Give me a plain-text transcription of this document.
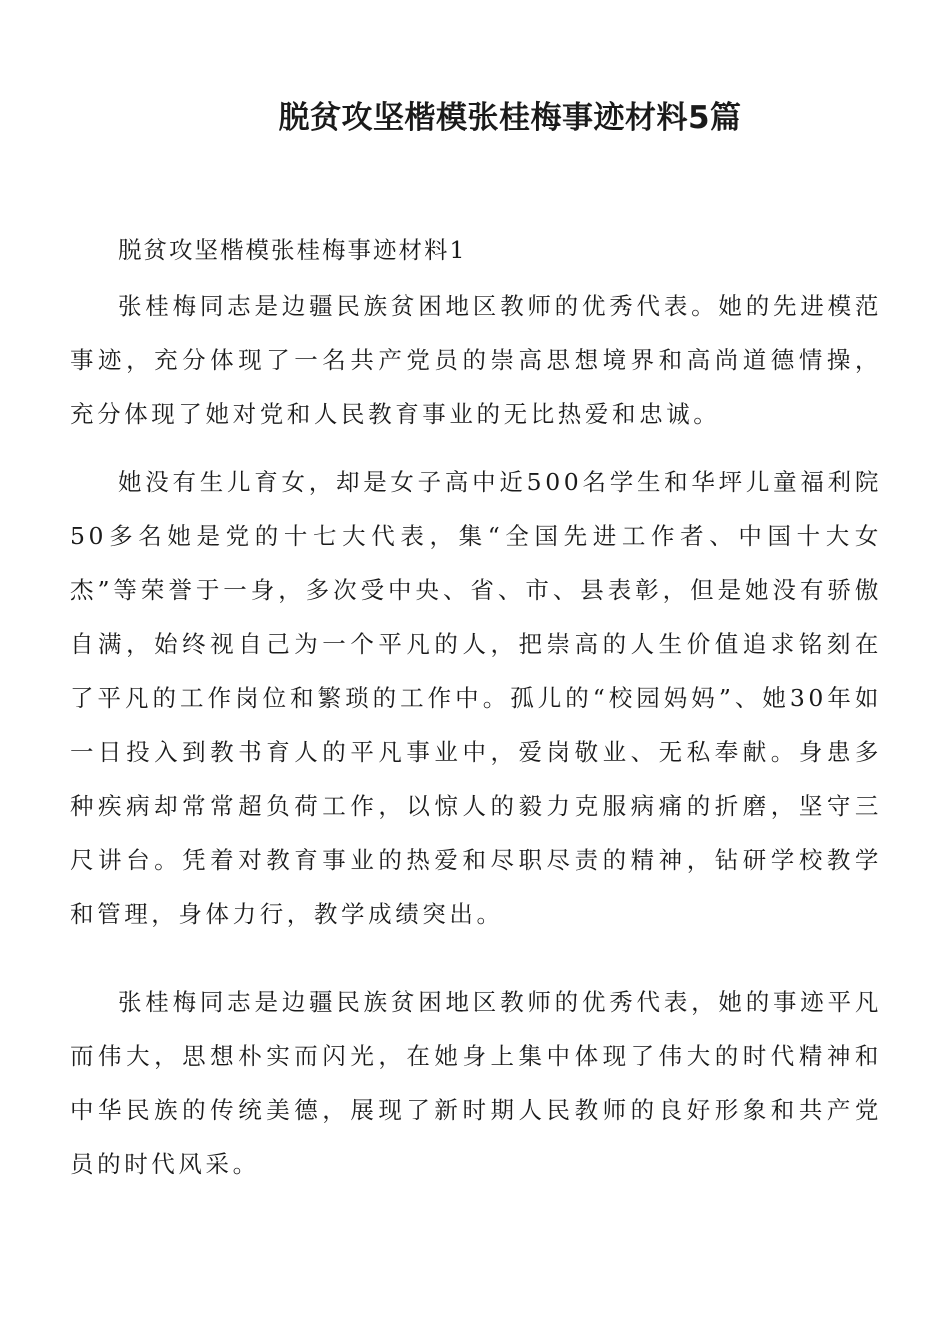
脱贫攻坚楷模张桂梅事迹材料5篇

脱贫攻坚楷模张桂梅事迹材料1

张桂梅同志是边疆民族贫困地区教师的优秀代表。她的先进模范事迹，充分体现了一名共产党员的崇高思想境界和高尚道德情操，充分体现了她对党和人民教育事业的无比热爱和忠诚。

她没有生儿育女，却是女子高中近500名学生和华坪儿童福利院50多名她是党的十七大代表，集“全国先进工作者、中国十大女杰”等荣誉于一身，多次受中央、省、市、县表彰，但是她没有骄傲自满，始终视自己为一个平凡的人，把崇高的人生价值追求铭刻在了平凡的工作岗位和繁琐的工作中。孤儿的“校园妈妈”、她30年如一日投入到教书育人的平凡事业中，爱岗敬业、无私奉献。身患多种疾病却常常超负荷工作，以惊人的毅力克服病痛的折磨，坚守三尺讲台。凭着对教育事业的热爱和尽职尽责的精神，钻研学校教学和管理，身体力行，教学成绩突出。

张桂梅同志是边疆民族贫困地区教师的优秀代表，她的事迹平凡而伟大，思想朴实而闪光，在她身上集中体现了伟大的时代精神和中华民族的传统美德，展现了新时期人民教师的良好形象和共产党员的时代风采。
